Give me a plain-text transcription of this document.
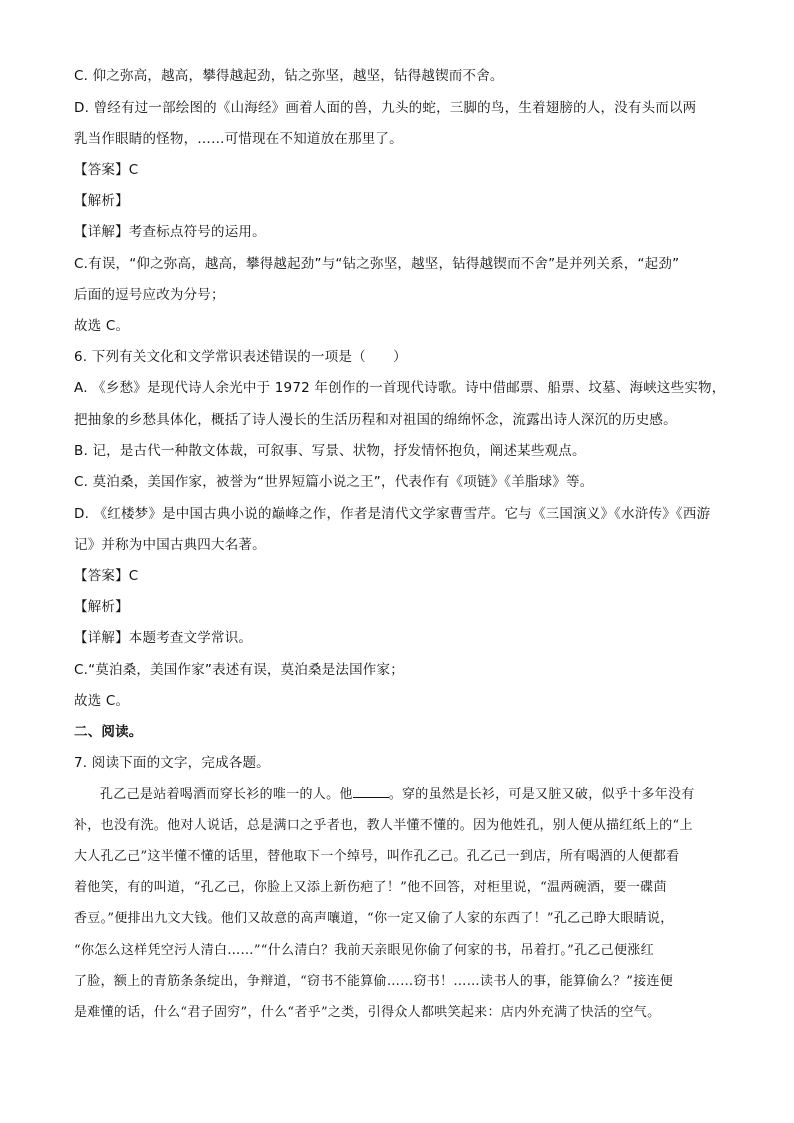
C. 仰之弥高，越高，攀得越起劲，钻之弥坚，越坚，钻得越锲而不舍。
D. 曾经有过一部绘图的《山海经》画着人面的兽，九头的蛇，三脚的鸟，生着翅膀的人，没有头而以两
乳当作眼睛的怪物，……可惜现在不知道放在那里了。
【答案】C
【解析】
【详解】考查标点符号的运用。
C.有误，“仰之弥高，越高，攀得越起劲”与“钻之弥坚，越坚，钻得越锲而不舍”是并列关系，“起劲”
后面的逗号应改为分号；
故选 C。
6. 下列有关文化和文学常识表述错误的一项是（　　）
A. 《乡愁》是现代诗人余光中于 1972 年创作的一首现代诗歌。诗中借邮票、船票、坟墓、海峡这些实物，
把抽象的乡愁具体化，概括了诗人漫长的生活历程和对祖国的绵绵怀念，流露出诗人深沉的历史感。
B. 记，是古代一种散文体裁，可叙事、写景、状物，抒发情怀抱负，阐述某些观点。
C. 莫泊桑，美国作家，被誉为“世界短篇小说之王”，代表作有《项链》《羊脂球》等。
D. 《红楼梦》是中国古典小说的巅峰之作，作者是清代文学家曹雪芹。它与《三国演义》《水浒传》《西游
记》并称为中国古典四大名著。
【答案】C
【解析】
【详解】本题考查文学常识。
C.“莫泊桑，美国作家”表述有误，莫泊桑是法国作家；
故选 C。
二、阅读。
7. 阅读下面的文字，完成各题。
孔乙己是站着喝酒而穿长衫的唯一的人。他	。穿的虽然是长衫，可是又脏又破，似乎十多年没有
补，也没有洗。他对人说话，总是满口之乎者也，教人半懂不懂的。因为他姓孔，别人便从描红纸上的“上
大人孔乙己”这半懂不懂的话里，替他取下一个绰号，叫作孔乙己。孔乙己一到店，所有喝酒的人便都看
着他笑，有的叫道，“孔乙己，你脸上又添上新伤疤了！”他不回答，对柜里说，“温两碗酒，要一碟茴
香豆。”便排出九文大钱。他们又故意的高声嚷道，“你一定又偷了人家的东西了！”孔乙己睁大眼睛说，
“你怎么这样凭空污人清白……”“什么清白？我前天亲眼见你偷了何家的书，吊着打。”孔乙己便涨红
了脸，额上的青筋条条绽出，争辩道，“窃书不能算偷……窃书！……读书人的事，能算偷么？”接连便
是难懂的话，什么“君子固穷”，什么“者乎”之类，引得众人都哄笑起来：店内外充满了快活的空气。
